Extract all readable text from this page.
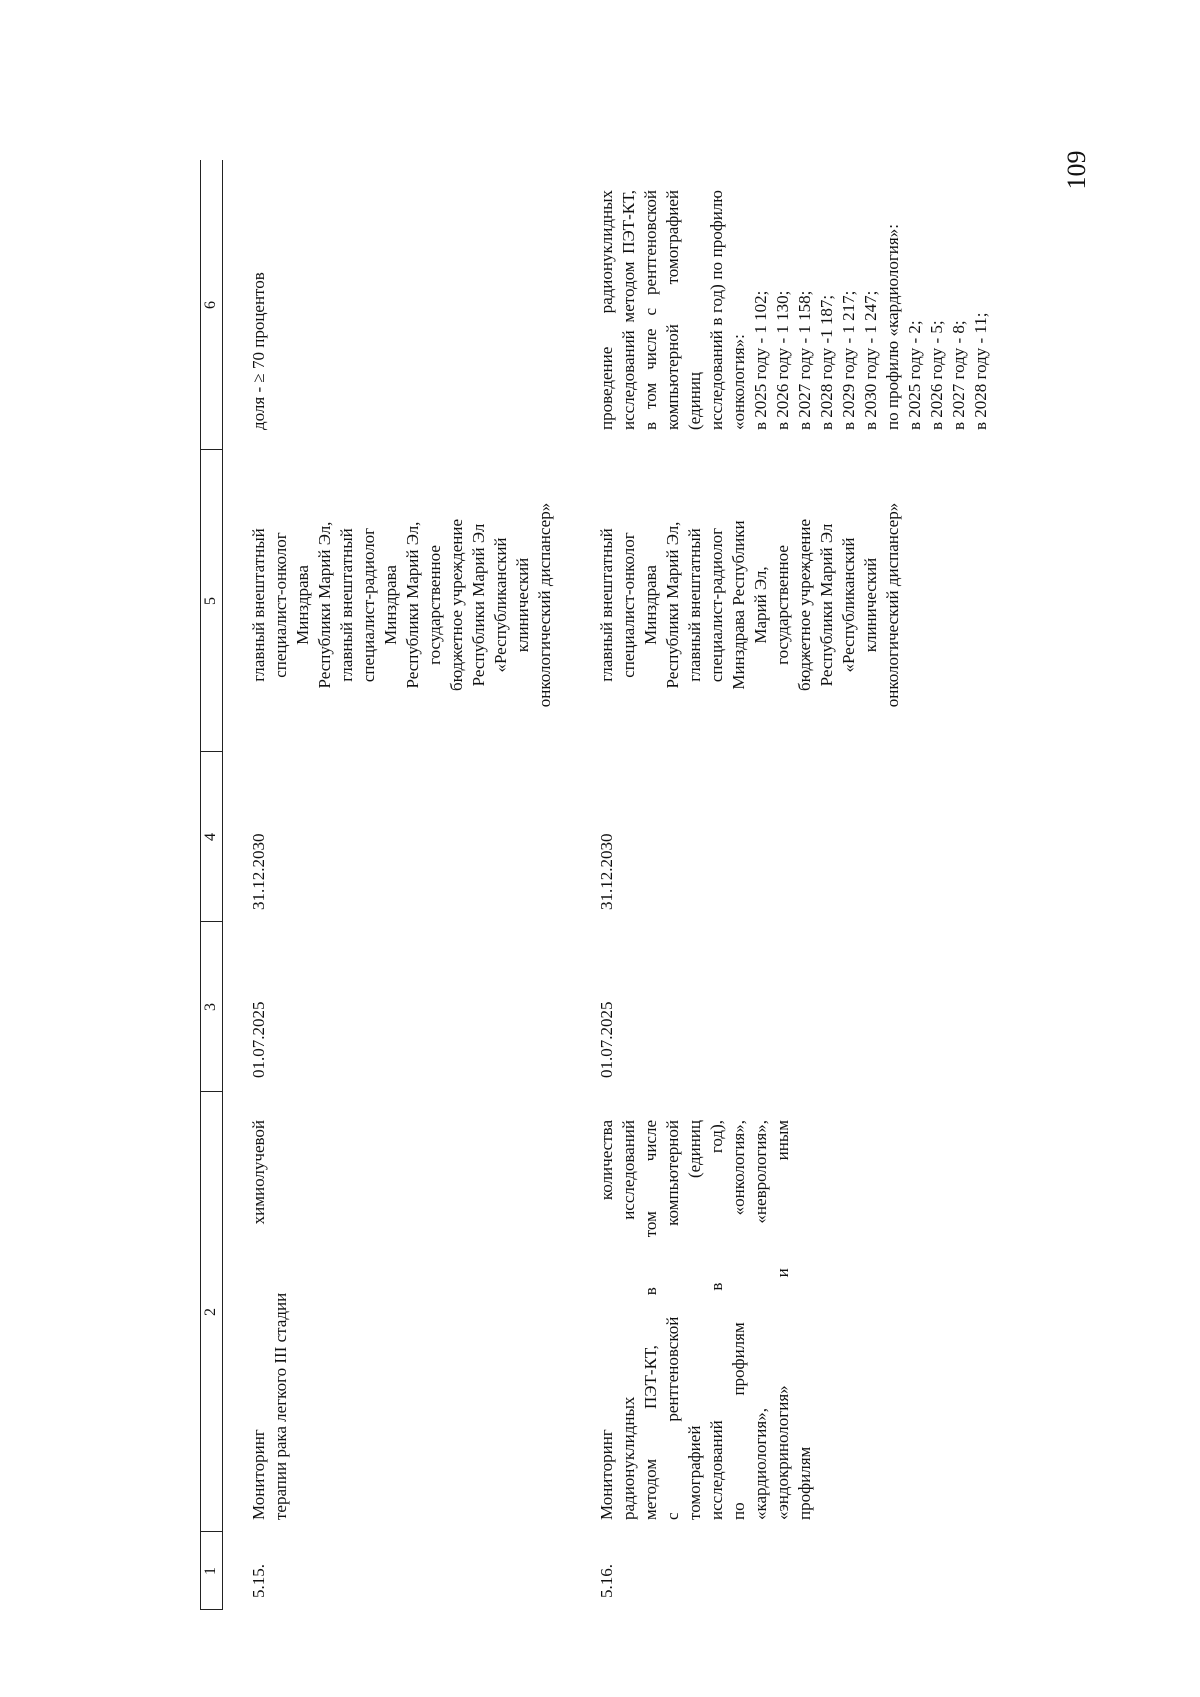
109
1
2
3
4
5
6
5.15.
Мониторинг химиолучевой терапии рака легкого III стадии
01.07.2025
31.12.2030
главный внештатный специалист-онколог Минздрава Республики Марий Эл, главный внештатный специалист-радиолог Минздрава Республики Марий Эл, государственное бюджетное учреждение Республики Марий Эл «Республиканский клинический онкологический диспансер»
доля - ≥ 70 процентов
5.16.
Мониторинг количества радионуклидных исследований методом ПЭТ-КТ, в том числе с рентгеновской компьютерной томографией (единиц исследований в год), по профилям «онкология», «кардиология», «неврология», «эндокринология» и иным профилям
01.07.2025
31.12.2030
главный внештатный специалист-онколог Минздрава Республики Марий Эл, главный внештатный специалист-радиолог Минздрава Республики Марий Эл, государственное бюджетное учреждение Республики Марий Эл «Республиканский клинический онкологический диспансер»
проведение радионуклидных исследований методом ПЭТ-КТ, в том числе с рентгеновской компьютерной томографией (единиц исследований в год) по профилю «онкология»: в 2025 году - 1 102; в 2026 году - 1 130; в 2027 году - 1 158; в 2028 году -1 187; в 2029 году - 1 217; в 2030 году - 1 247; по профилю «кардиология»: в 2025 году - 2; в 2026 году - 5; в 2027 году - 8; в 2028 году - 11;
